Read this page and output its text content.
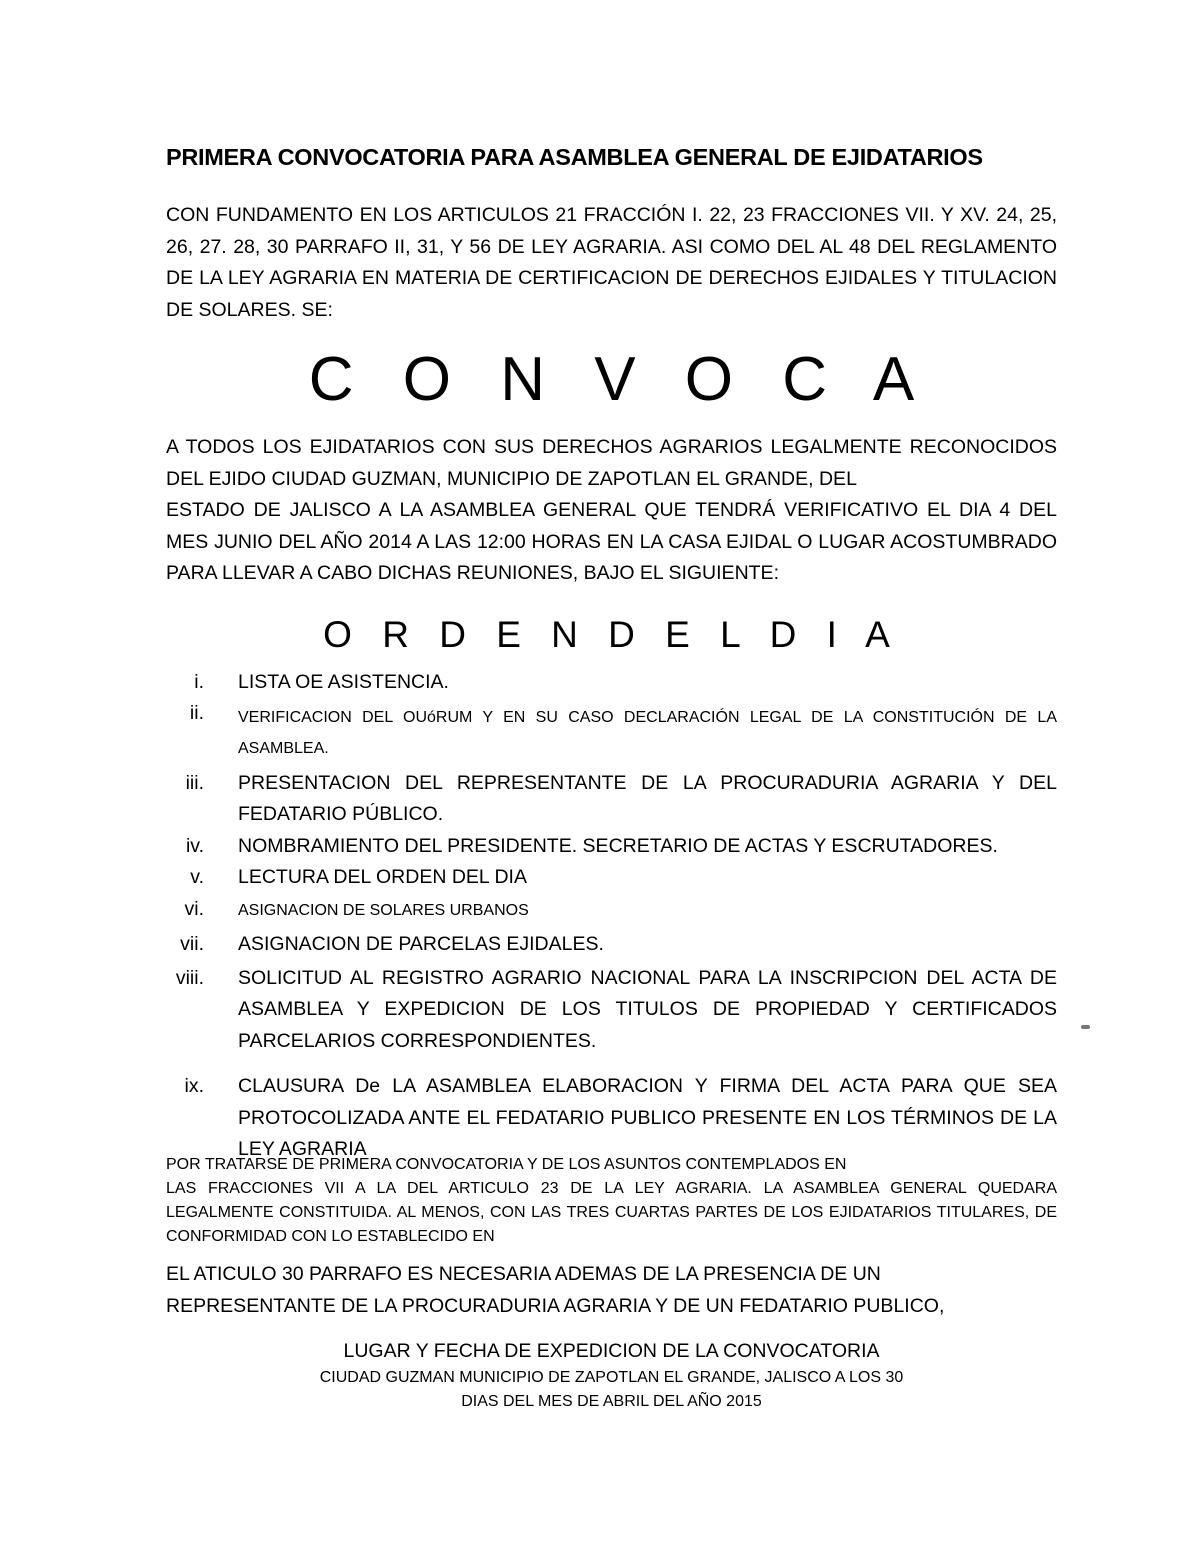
PRIMERA CONVOCATORIA PARA ASAMBLEA GENERAL DE EJIDATARIOS
CON FUNDAMENTO EN LOS ARTICULOS 21 FRACCIÓN I. 22, 23 FRACCIONES VII. Y XV. 24, 25, 26, 27. 28, 30 PARRAFO II, 31, Y 56 DE LEY AGRARIA. ASI COMO DEL AL 48 DEL REGLAMENTO DE LA LEY AGRARIA EN MATERIA DE CERTIFICACION DE DERECHOS EJIDALES Y TITULACION DE SOLARES. SE:
C O N V O C A
A TODOS LOS EJIDATARIOS CON SUS DERECHOS AGRARIOS LEGALMENTE RECONOCIDOS DEL EJIDO CIUDAD GUZMAN, MUNICIPIO DE ZAPOTLAN EL GRANDE, DEL
ESTADO DE JALISCO A LA ASAMBLEA GENERAL QUE TENDRÁ VERIFICATIVO EL DIA 4 DEL MES JUNIO DEL AÑO 2014 A LAS 12:00 HORAS EN LA CASA EJIDAL O LUGAR ACOSTUMBRADO PARA LLEVAR A CABO DICHAS REUNIONES, BAJO EL SIGUIENTE:
O R D E N D E L D I A
i. LISTA OE ASISTENCIA.
ii. VERIFICACION DEL OUóRUM Y EN SU CASO DECLARACIÓN LEGAL DE LA CONSTITUCIÓN DE LA ASAMBLEA.
iii. PRESENTACION DEL REPRESENTANTE DE LA PROCURADURIA AGRARIA Y DEL FEDATARIO PÚBLICO.
iv. NOMBRAMIENTO DEL PRESIDENTE. SECRETARIO DE ACTAS Y ESCRUTADORES.
v. LECTURA DEL ORDEN DEL DIA
vi. ASIGNACION DE SOLARES URBANOS
vii. ASIGNACION DE PARCELAS EJIDALES.
viii. SOLICITUD AL REGISTRO AGRARIO NACIONAL PARA LA INSCRIPCION DEL ACTA DE ASAMBLEA Y EXPEDICION DE LOS TITULOS DE PROPIEDAD Y CERTIFICADOS PARCELARIOS CORRESPONDIENTES.
ix. CLAUSURA De LA ASAMBLEA ELABORACION Y FIRMA DEL ACTA PARA QUE SEA PROTOCOLIZADA ANTE EL FEDATARIO PUBLICO PRESENTE EN LOS TÉRMINOS DE LA LEY AGRARIA
POR TRATARSE DE PRIMERA CONVOCATORIA Y DE LOS ASUNTOS CONTEMPLADOS EN
LAS FRACCIONES VII A LA DEL ARTICULO 23 DE LA LEY AGRARIA. LA ASAMBLEA GENERAL QUEDARA LEGALMENTE CONSTITUIDA. AL MENOS, CON LAS TRES CUARTAS PARTES DE LOS EJIDATARIOS TITULARES, DE CONFORMIDAD CON LO ESTABLECIDO EN
EL ATICULO 30 PARRAFO ES NECESARIA ADEMAS DE LA PRESENCIA DE UN
REPRESENTANTE DE LA PROCURADURIA AGRARIA Y DE UN FEDATARIO PUBLICO,
LUGAR Y FECHA DE EXPEDICION DE LA CONVOCATORIA
CIUDAD GUZMAN MUNICIPIO DE ZAPOTLAN EL GRANDE, JALISCO A LOS 30
DIAS DEL MES DE ABRIL DEL AÑO 2015
